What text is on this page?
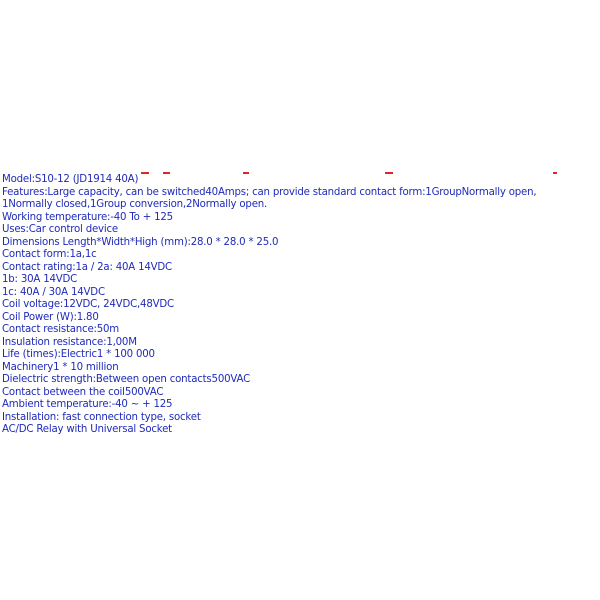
Model:S10-12 (JD1914 40A)
Features:Large capacity, can be switched40Amps; can provide standard contact form:1GroupNormally open, 1Normally closed,1Group conversion,2Normally open.
Working temperature:-40 To + 125
Uses:Car control device
Dimensions Length*Width*High (mm):28.0 * 28.0 * 25.0
Contact form:1a,1c
Contact rating:1a / 2a: 40A 14VDC
1b: 30A 14VDC
1c: 40A / 30A 14VDC
Coil voltage:12VDC, 24VDC,48VDC
Coil Power (W):1.80
Contact resistance:50m
Insulation resistance:1,00M
Life (times):Electric1 * 100 000
Machinery1 * 10 million
Dielectric strength:Between open contacts500VAC
Contact between the coil500VAC
Ambient temperature:-40 ~ + 125
Installation: fast connection type, socket
AC/DC Relay with Universal Socket
